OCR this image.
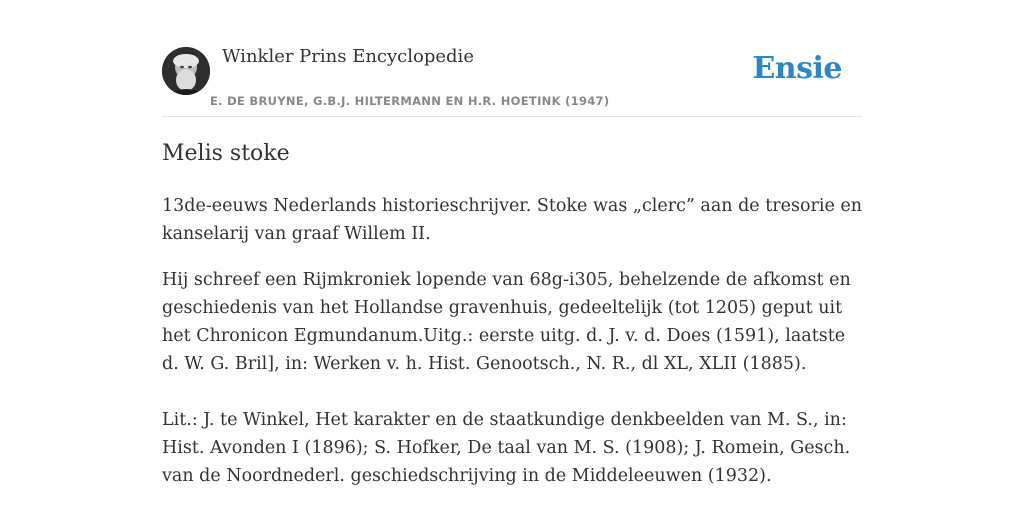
Winkler Prins Encyclopedie
E. DE BRUYNE, G.B.J. HILTERMANN EN H.R. HOETINK (1947)
Ensie
Melis stoke

13de-eeuws Nederlands historieschrijver. Stoke was „clerc” aan de tresorie en kanselarij van graaf Willem II.

Hij schreef een Rijmkroniek lopende van 68g-i305, behelzende de afkomst en geschiedenis van het Hollandse gravenhuis, gedeeltelijk (tot 1205) geput uit het Chronicon Egmundanum.Uitg.: eerste uitg. d. J. v. d. Does (1591), laatste d. W. G. Bril], in: Werken v. h. Hist. Genootsch., N. R., dl XL, XLII (1885).

Lit.: J. te Winkel, Het karakter en de staatkundige denkbeelden van M. S., in: Hist. Avonden I (1896); S. Hofker, De taal van M. S. (1908); J. Romein, Gesch. van de Noordnederl. geschiedschrijving in de Middeleeuwen (1932).
